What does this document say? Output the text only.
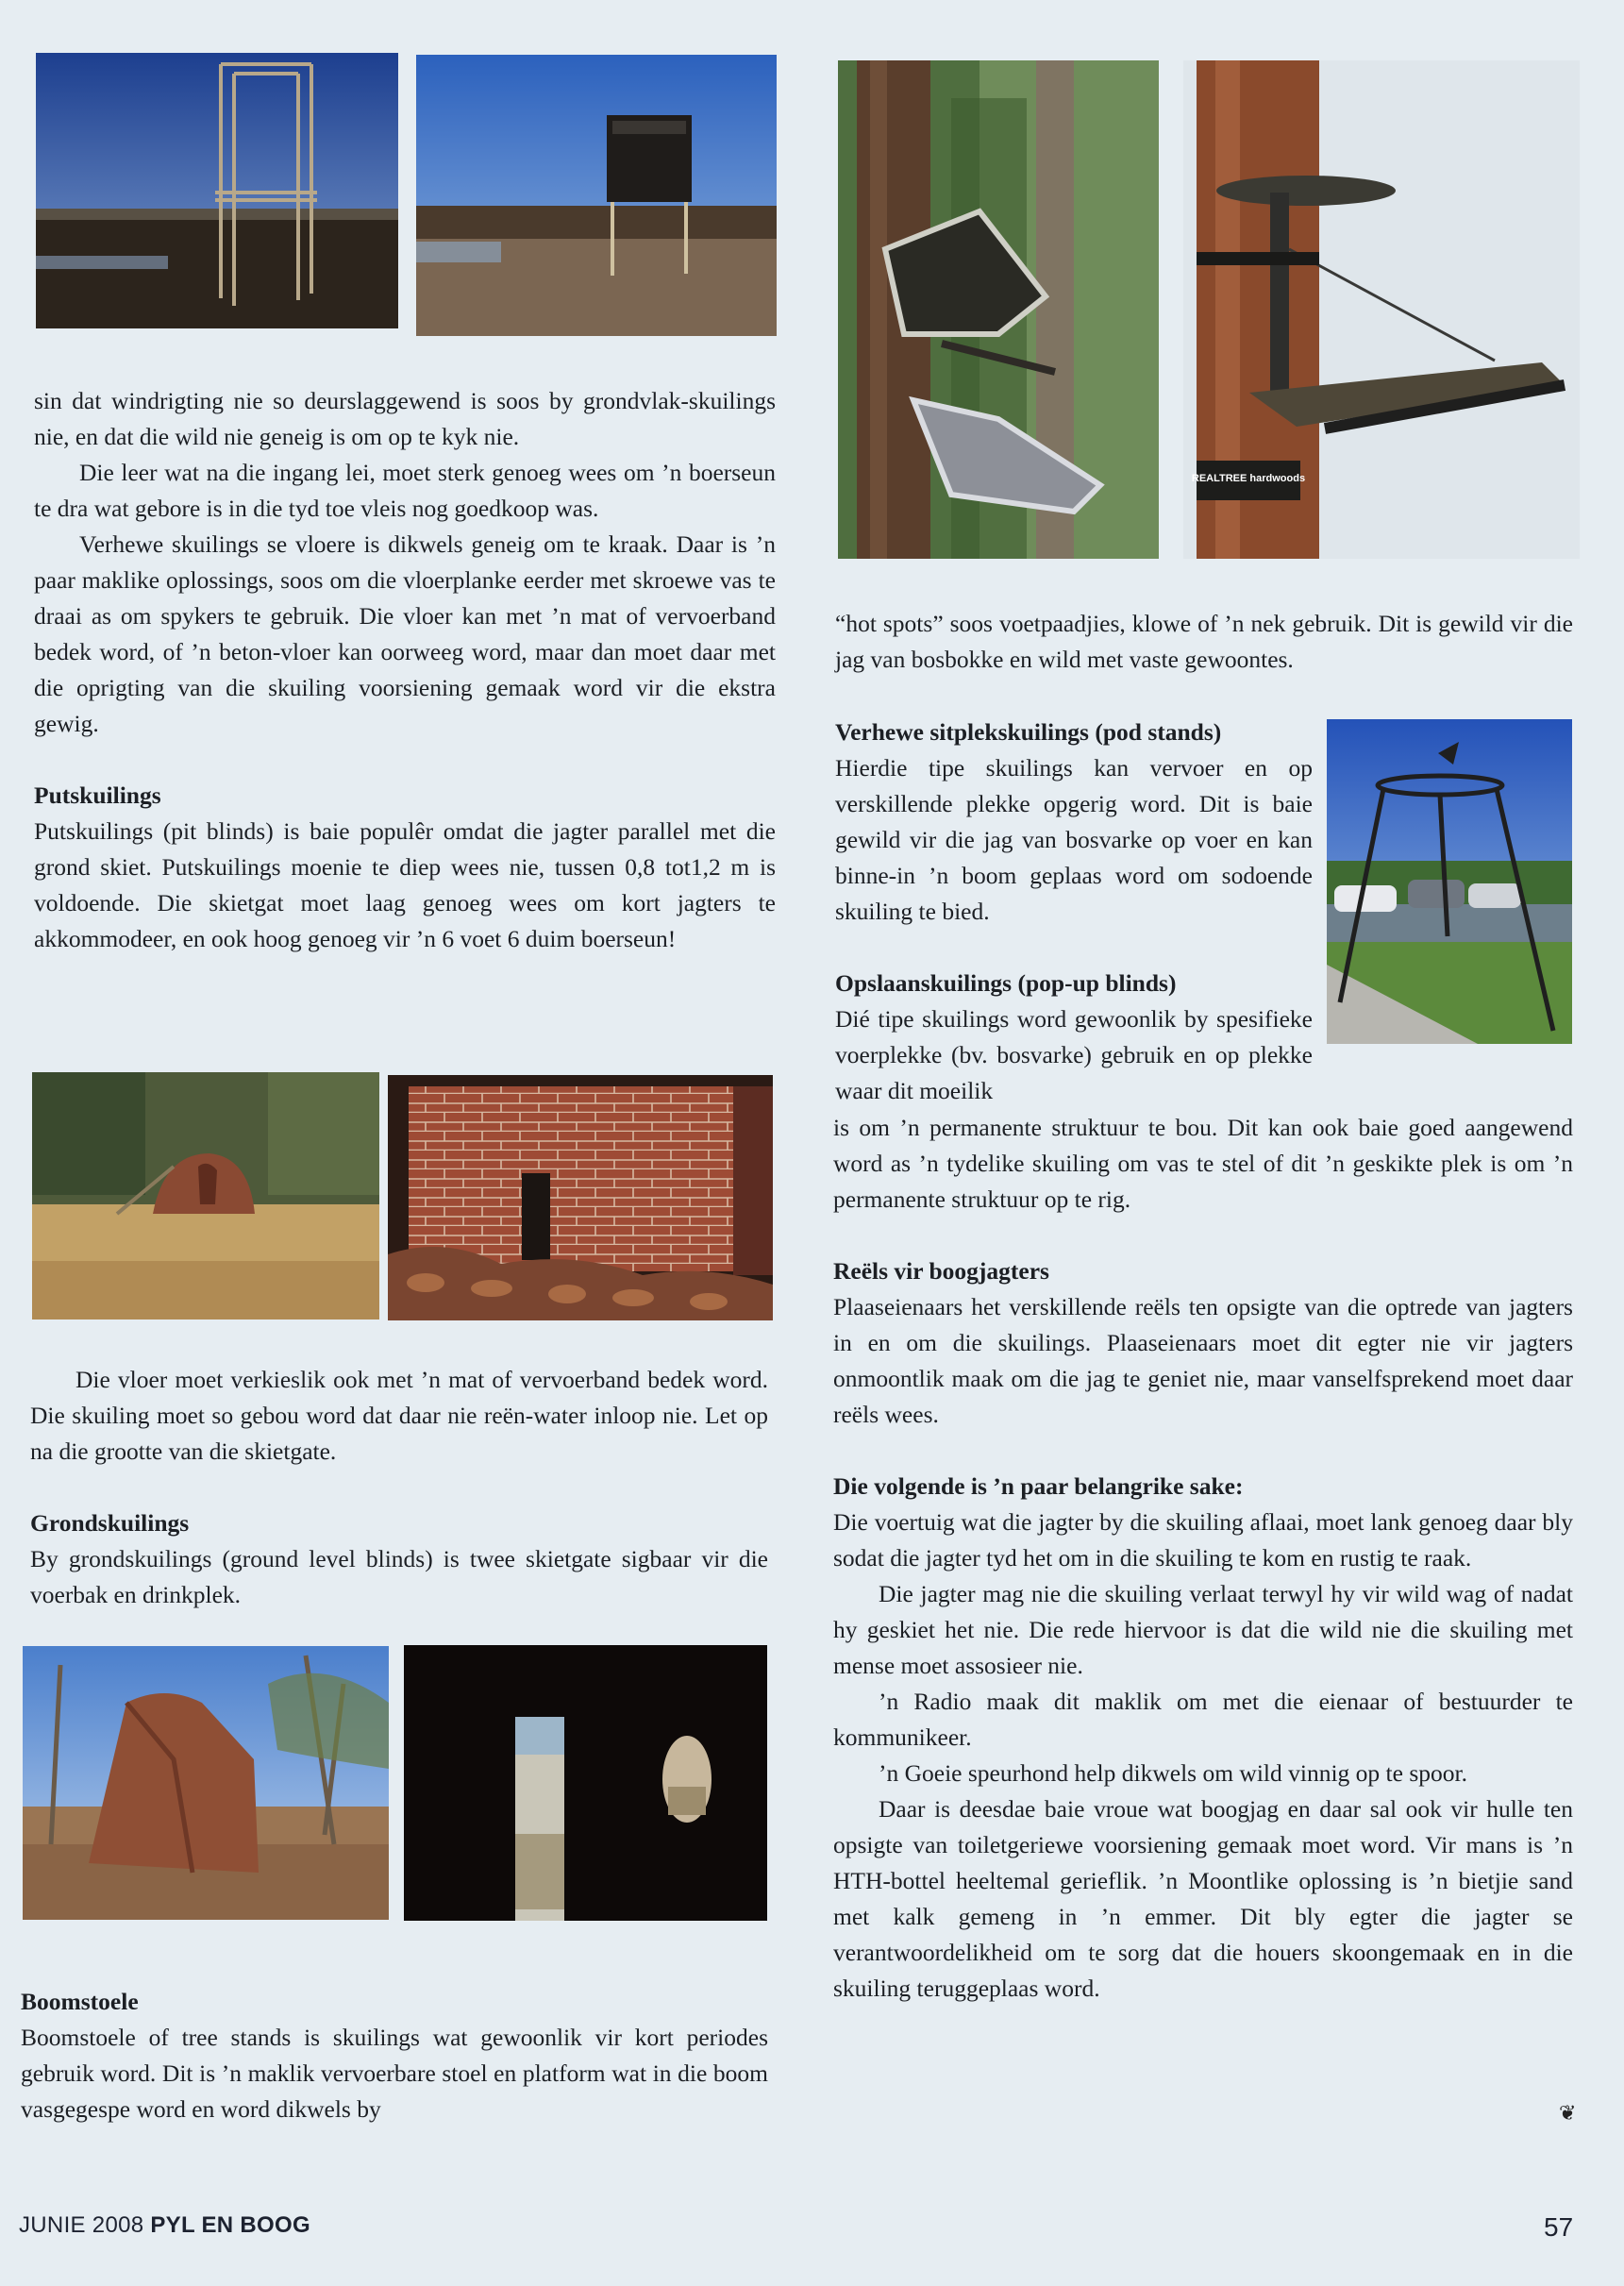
REALTREE hardwoods

sin dat windrigting nie so deurslaggewend is soos by grondvlak-skuilings nie, en dat die wild nie geneig is om op te kyk nie.

Die leer wat na die ingang lei, moet sterk genoeg wees om ’n boerseun te dra wat gebore is in die tyd toe vleis nog goedkoop was.

Verhewe skuilings se vloere is dikwels geneig om te kraak. Daar is ’n paar maklike oplossings, soos om die vloerplanke eerder met skroewe vas te draai as om spykers te gebruik. Die vloer kan met ’n mat of vervoerband bedek word, of ’n beton-vloer kan oorweeg word, maar dan moet daar met die oprigting van die skuiling voorsiening gemaak word vir die ekstra gewig.

Putskuilings

Putskuilings (pit blinds) is baie populêr omdat die jagter parallel met die grond skiet. Putskuilings moenie te diep wees nie, tussen 0,8 tot1,2 m is voldoende. Die skietgat moet laag genoeg wees om kort jagters te akkommodeer, en ook hoog genoeg vir ’n 6 voet 6 duim boerseun!

Die vloer moet verkieslik ook met ’n mat of vervoerband bedek word. Die skuiling moet so gebou word dat daar nie reën-water inloop nie. Let op na die grootte van die skietgate.

Grondskuilings

By grondskuilings (ground level blinds) is twee skietgate sigbaar vir die voerbak en drinkplek.

Boomstoele

Boomstoele of tree stands is skuilings wat gewoonlik vir kort periodes gebruik word. Dit is ’n maklik vervoerbare stoel en platform wat in die boom vasgegespe word en word dikwels by

“hot spots” soos voetpaadjies, klowe of ’n nek gebruik. Dit is gewild vir die jag van bosbokke en wild met vaste gewoontes.

Verhewe sitplekskuilings (pod stands)

Hierdie tipe skuilings kan vervoer en op verskillende plekke opgerig word. Dit is baie gewild vir die jag van bosvarke op voer en kan binne-in ’n boom geplaas word om sodoende skuiling te bied.

Opslaanskuilings (pop-up blinds)

Dié tipe skuilings word gewoonlik by spesifieke voerplekke (bv. bosvarke) gebruik en op plekke waar dit moeilik

is om ’n permanente struktuur te bou. Dit kan ook baie goed aangewend word as ’n tydelike skuiling om vas te stel of dit ’n geskikte plek is om ’n permanente struktuur op te rig.

Reëls vir boogjagters

Plaaseienaars het verskillende reëls ten opsigte van die optrede van jagters in en om die skuilings. Plaaseienaars moet dit egter nie vir jagters onmoontlik maak om die jag te geniet nie, maar vanselfsprekend moet daar reëls wees.

Die volgende is ’n paar belangrike sake:

Die voertuig wat die jagter by die skuiling aflaai, moet lank genoeg daar bly sodat die jagter tyd het om in die skuiling te kom en rustig te raak.

Die jagter mag nie die skuiling verlaat terwyl hy vir wild wag of nadat hy geskiet het nie. Die rede hiervoor is dat die wild nie die skuiling met mense moet assosieer nie.

’n Radio maak dit maklik om met die eienaar of bestuurder te kommunikeer.

’n Goeie speurhond help dikwels om wild vinnig op te spoor.

Daar is deesdae baie vroue wat boogjag en daar sal ook vir hulle ten opsigte van toiletgeriewe voorsiening gemaak moet word. Vir mans is ’n HTH-bottel heeltemal gerieflik. ’n Moontlike oplossing is ’n bietjie sand met kalk gemeng in ’n emmer. Dit bly egter die jagter se verantwoordelikheid om te sorg dat die houers skoongemaak en in die skuiling teruggeplaas word.

❦
JUNIE 2008 PYL EN BOOG	57
